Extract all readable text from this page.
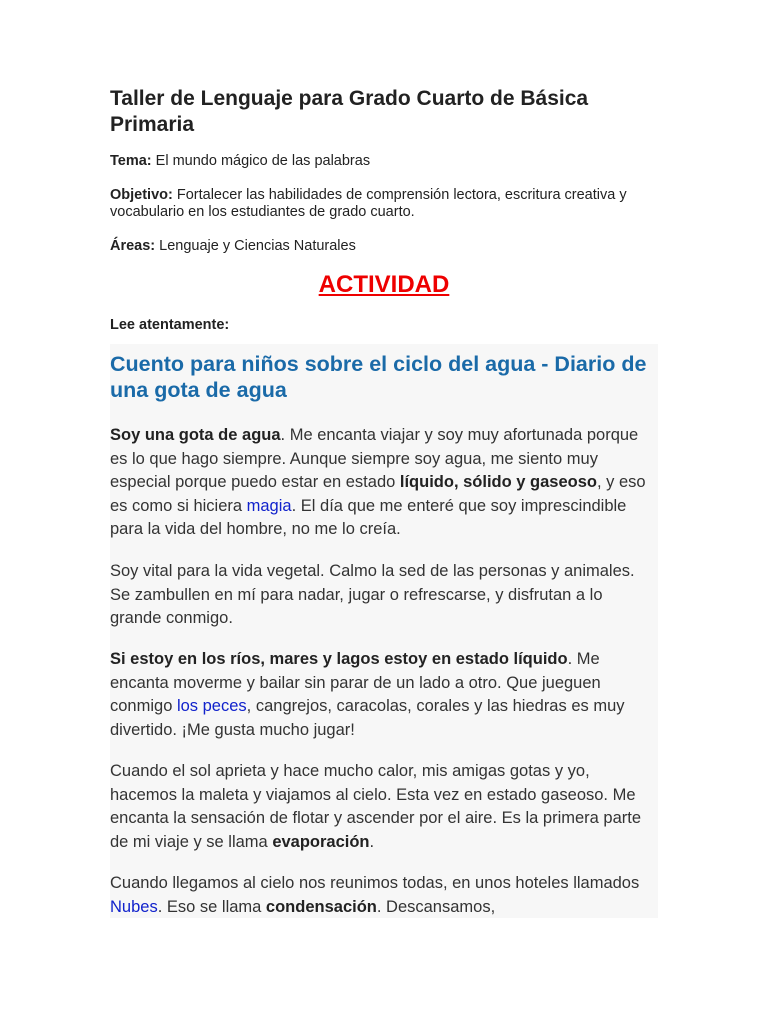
Taller de Lenguaje para Grado Cuarto de Básica Primaria

Tema: El mundo mágico de las palabras

Objetivo: Fortalecer las habilidades de comprensión lectora, escritura creativa y vocabulario en los estudiantes de grado cuarto.

Áreas: Lenguaje y Ciencias Naturales

ACTIVIDAD
Lee atentamente:
Cuento para niños sobre el ciclo del agua - Diario de una gota de agua

Soy una gota de agua. Me encanta viajar y soy muy afortunada porque es lo que hago siempre. Aunque siempre soy agua, me siento muy especial porque puedo estar en estado líquido, sólido y gaseoso, y eso es como si hiciera magia. El día que me enteré que soy imprescindible para la vida del hombre, no me lo creía.

Soy vital para la vida vegetal. Calmo la sed de las personas y animales. Se zambullen en mí para nadar, jugar o refrescarse, y disfrutan a lo grande conmigo.

Si estoy en los ríos, mares y lagos estoy en estado líquido. Me encanta moverme y bailar sin parar de un lado a otro. Que jueguen conmigo los peces, cangrejos, caracolas, corales y las hiedras es muy divertido. ¡Me gusta mucho jugar!

Cuando el sol aprieta y hace mucho calor, mis amigas gotas y yo, hacemos la maleta y viajamos al cielo. Esta vez en estado gaseoso. Me encanta la sensación de flotar y ascender por el aire. Es la primera parte de mi viaje y se llama evaporación.

Cuando llegamos al cielo nos reunimos todas, en unos hoteles llamados Nubes. Eso se llama condensación. Descansamos,
